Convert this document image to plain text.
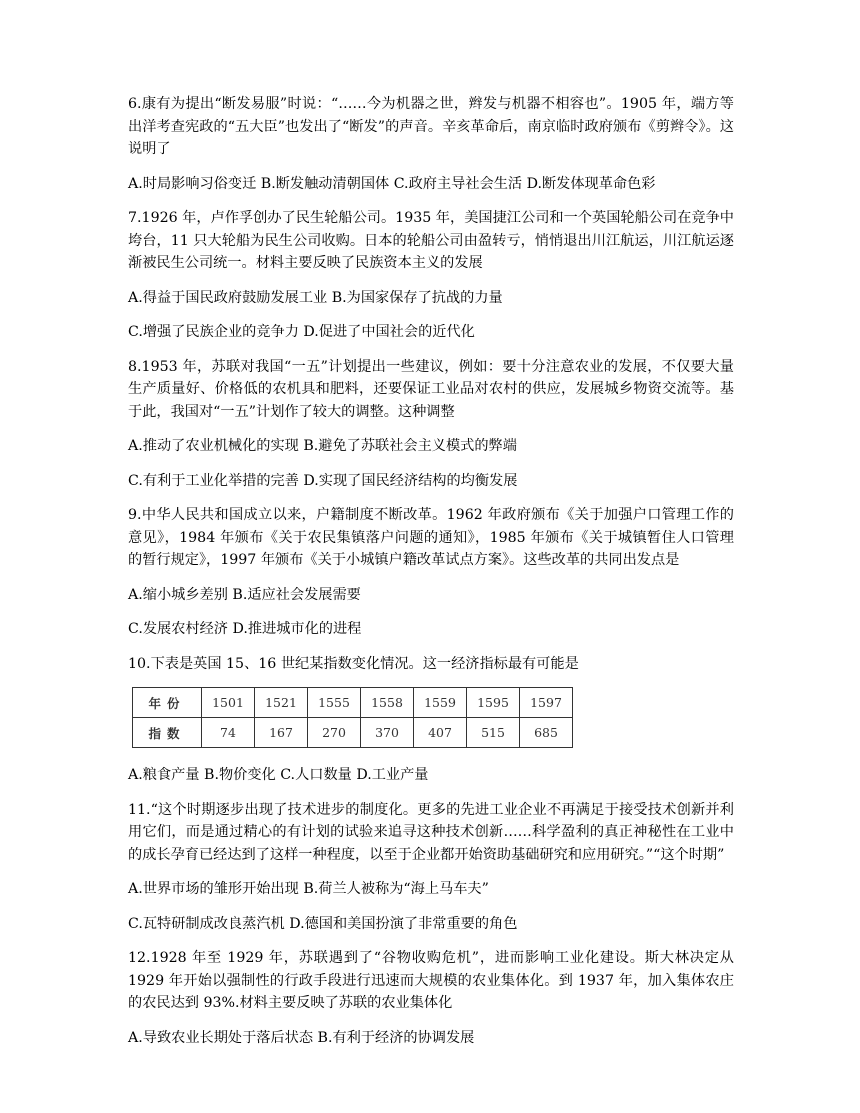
6.康有为提出“断发易服”时说：“……今为机器之世，辫发与机器不相容也”。1905 年，端方等出洋考查宪政的“五大臣”也发出了“断发”的声音。辛亥革命后，南京临时政府颁布《剪辫令》。这说明了

A.时局影响习俗变迁 B.断发触动清朝国体 C.政府主导社会生活 D.断发体现革命色彩

7.1926 年，卢作孚创办了民生轮船公司。1935 年，美国捷江公司和一个英国轮船公司在竞争中垮台，11 只大轮船为民生公司收购。日本的轮船公司由盈转亏，悄悄退出川江航运，川江航运逐渐被民生公司统一。材料主要反映了民族资本主义的发展

A.得益于国民政府鼓励发展工业 B.为国家保存了抗战的力量

C.增强了民族企业的竞争力 D.促进了中国社会的近代化

8.1953 年，苏联对我国“一五”计划提出一些建议，例如：要十分注意农业的发展，不仅要大量生产质量好、价格低的农机具和肥料，还要保证工业品对农村的供应，发展城乡物资交流等。基于此，我国对“一五”计划作了较大的调整。这种调整

A.推动了农业机械化的实现 B.避免了苏联社会主义模式的弊端

C.有利于工业化举措的完善 D.实现了国民经济结构的均衡发展

9.中华人民共和国成立以来，户籍制度不断改革。1962 年政府颁布《关于加强户口管理工作的意见》，1984 年颁布《关于农民集镇落户问题的通知》，1985 年颁布《关于城镇暂住人口管理的暂行规定》，1997 年颁布《关于小城镇户籍改革试点方案》。这些改革的共同出发点是

A.缩小城乡差别 B.适应社会发展需要

C.发展农村经济 D.推进城市化的进程

10.下表是英国 15、16 世纪某指数变化情况。这一经济指标最有可能是

年份	1501	1521	1555	1558	1559	1595	1597
指数	74	167	270	370	407	515	685

A.粮食产量 B.物价变化 C.人口数量 D.工业产量

11.“这个时期逐步出现了技术进步的制度化。更多的先进工业企业不再满足于接受技术创新并利用它们，而是通过精心的有计划的试验来追寻这种技术创新……科学盈利的真正神秘性在工业中的成长孕育已经达到了这样一种程度，以至于企业都开始资助基础研究和应用研究。”“这个时期”

A.世界市场的雏形开始出现 B.荷兰人被称为“海上马车夫”

C.瓦特研制成改良蒸汽机 D.德国和美国扮演了非常重要的角色

12.1928 年至 1929 年，苏联遇到了“谷物收购危机”，进而影响工业化建设。斯大林决定从 1929 年开始以强制性的行政手段进行迅速而大规模的农业集体化。到 1937 年，加入集体农庄的农民达到 93%.材料主要反映了苏联的农业集体化

A.导致农业长期处于落后状态 B.有利于经济的协调发展
